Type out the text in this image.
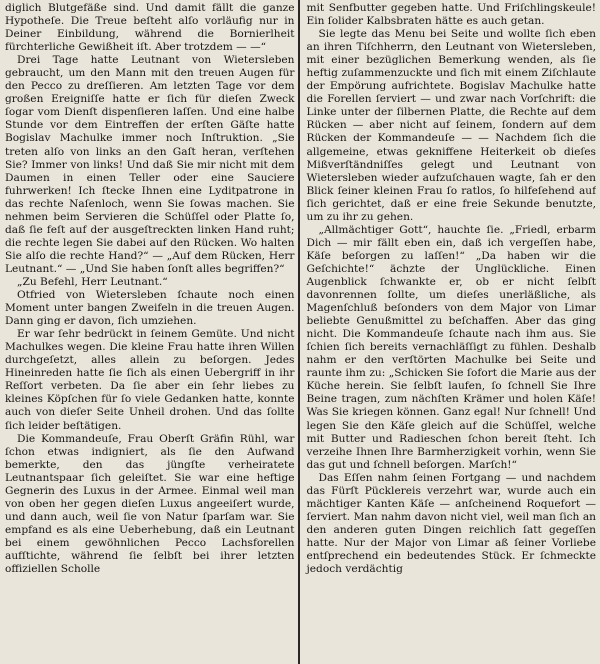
diglich Blutgefäße sind. Und damit fällt die ganze Hypotheſe. Die Treue beſteht alſo vorläufig nur in Deiner Einbildung, während die Bornierlheit fürchterliche Gewißheit iſt. Aber trotzdem — —“

Drei Tage hatte Leutnant von Wietersleben gebraucht, um den Mann mit den treuen Augen für den Pecco zu dreſſieren. Am letzten Tage vor dem großen Ereigniſſe hatte er ſich für dieſen Zweck ſogar vom Dienſt dispenſieren laſſen. Und eine halbe Stunde vor dem Eintreffen der erſten Gäſte hatte Bogislav Machulke immer noch Inſtruktion. „Sie treten alſo von links an den Gaſt heran, verſtehen Sie? Immer von links! Und daß Sie mir nicht mit dem Daumen in einen Teller oder eine Sauciere fuhrwerken! Ich ſtecke Ihnen eine Lyditpatrone in das rechte Naſenloch, wenn Sie ſowas machen. Sie nehmen beim Servieren die Schüſſel oder Platte ſo, daß ſie feſt auf der ausgeſtreckten linken Hand ruht; die rechte legen Sie dabei auf den Rücken. Wo halten Sie alſo die rechte Hand?“ — „Auf dem Rücken, Herr Leutnant.“ — „Und Sie haben ſonſt alles begriffen?“

„Zu Befehl, Herr Leutnant.“

Otfried von Wietersleben ſchaute noch einen Moment unter bangen Zweifeln in die treuen Augen. Dann ging er davon, ſich umziehen.

Er war ſehr bedrückt in ſeinem Gemüte. Und nicht Machulkes wegen. Die kleine Frau hatte ihren Willen durchgeſetzt, alles allein zu beſorgen. Jedes Hineinreden hatte ſie ſich als einen Uebergriff in ihr Reſſort verbeten. Da ſie aber ein ſehr liebes zu kleines Köpſchen für ſo viele Gedanken hatte, konnte auch von dieſer Seite Unheil drohen. Und das ſollte ſich leider beſtätigen.

Die Kommandeuſe, Frau Oberſt Gräfin Rühl, war ſchon etwas indigniert, als ſie den Aufwand bemerkte, den das jüngſte verheiratete Leutnantspaar ſich geleiſtet. Sie war eine heftige Gegnerin des Luxus in der Armee. Einmal weil man von oben her gegen dieſen Luxus angeeiſert wurde, und dann auch, weil ſie von Natur ſparſam war. Sie empfand es als eine Ueberhebung, daß ein Leutnant bei einem gewöhnlichen Pecco Lachsforellen aufſtichte, während ſie ſelbſt bei ihrer letzten offiziellen Scholle

mit Senfbutter gegeben hatte. Und Friſchlingskeule! Ein ſolider Kalbsbraten hätte es auch getan.

Sie legte das Menu bei Seite und wollte ſich eben an ihren Tiſchherrn, den Leutnant von Wietersleben, mit einer bezüglichen Bemerkung wenden, als ſie heftig zuſammenzuckte und ſich mit einem Ziſchlaute der Empörung aufrichtete. Bogislav Machulke hatte die Forellen ſerviert — und zwar nach Vorſchrift: die Linke unter der ſilbernen Platte, die Rechte auf dem Rücken — aber nicht auf ſeinem, ſondern auf dem Rücken der Kommandeuſe — — Nachdem ſich die allgemeine, etwas gekniffene Heiterkeit ob dieſes Mißverſtändniſſes gelegt und Leutnant von Wietersleben wieder aufzuſchauen wagte, ſah er den Blick ſeiner kleinen Frau ſo ratlos, ſo hilfeſehend auf ſich gerichtet, daß er eine freie Sekunde benutzte, um zu ihr zu gehen.

„Allmächtiger Gott“, hauchte ſie. „Friedl, erbarm Dich — mir fällt eben ein, daß ich vergeſſen habe, Käſe beſorgen zu laſſen!“ „Da haben wir die Geſchichte!“ ächzte der Unglückliche. Einen Augenblick ſchwankte er, ob er nicht ſelbſt davonrennen ſollte, um dieſes unerläßliche, als Magenſchluß beſonders von dem Major von Limar beliebte Genußmittel zu beſchaffen. Aber das ging nicht. Die Kommandeuſe ſchaute nach ihm aus. Sie ſchien ſich bereits vernachläſſigt zu fühlen. Deshalb nahm er den verſtörten Machulke bei Seite und raunte ihm zu: „Schicken Sie ſofort die Marie aus der Küche herein. Sie ſelbſt laufen, ſo ſchnell Sie Ihre Beine tragen, zum nächſten Krämer und holen Käſe! Was Sie kriegen können. Ganz egal! Nur ſchnell! Und legen Sie den Käſe gleich auf die Schüſſel, welche mit Butter und Radieschen ſchon bereit ſteht. Ich verzeihe Ihnen Ihre Barmherzigkeit vorhin, wenn Sie das gut und ſchnell beſorgen. Marſch!“

Das Eſſen nahm ſeinen Fortgang — und nachdem das Fürſt Pücklereis verzehrt war, wurde auch ein mächtiger Kanten Käſe — anſcheinend Roquefort — ſerviert. Man nahm davon nicht viel, weil man ſich an den anderen guten Dingen reichlich ſatt gegeſſen hatte. Nur der Major von Limar aß ſeiner Vorliebe entſprechend ein bedeutendes Stück. Er ſchmeckte jedoch verdächtig
